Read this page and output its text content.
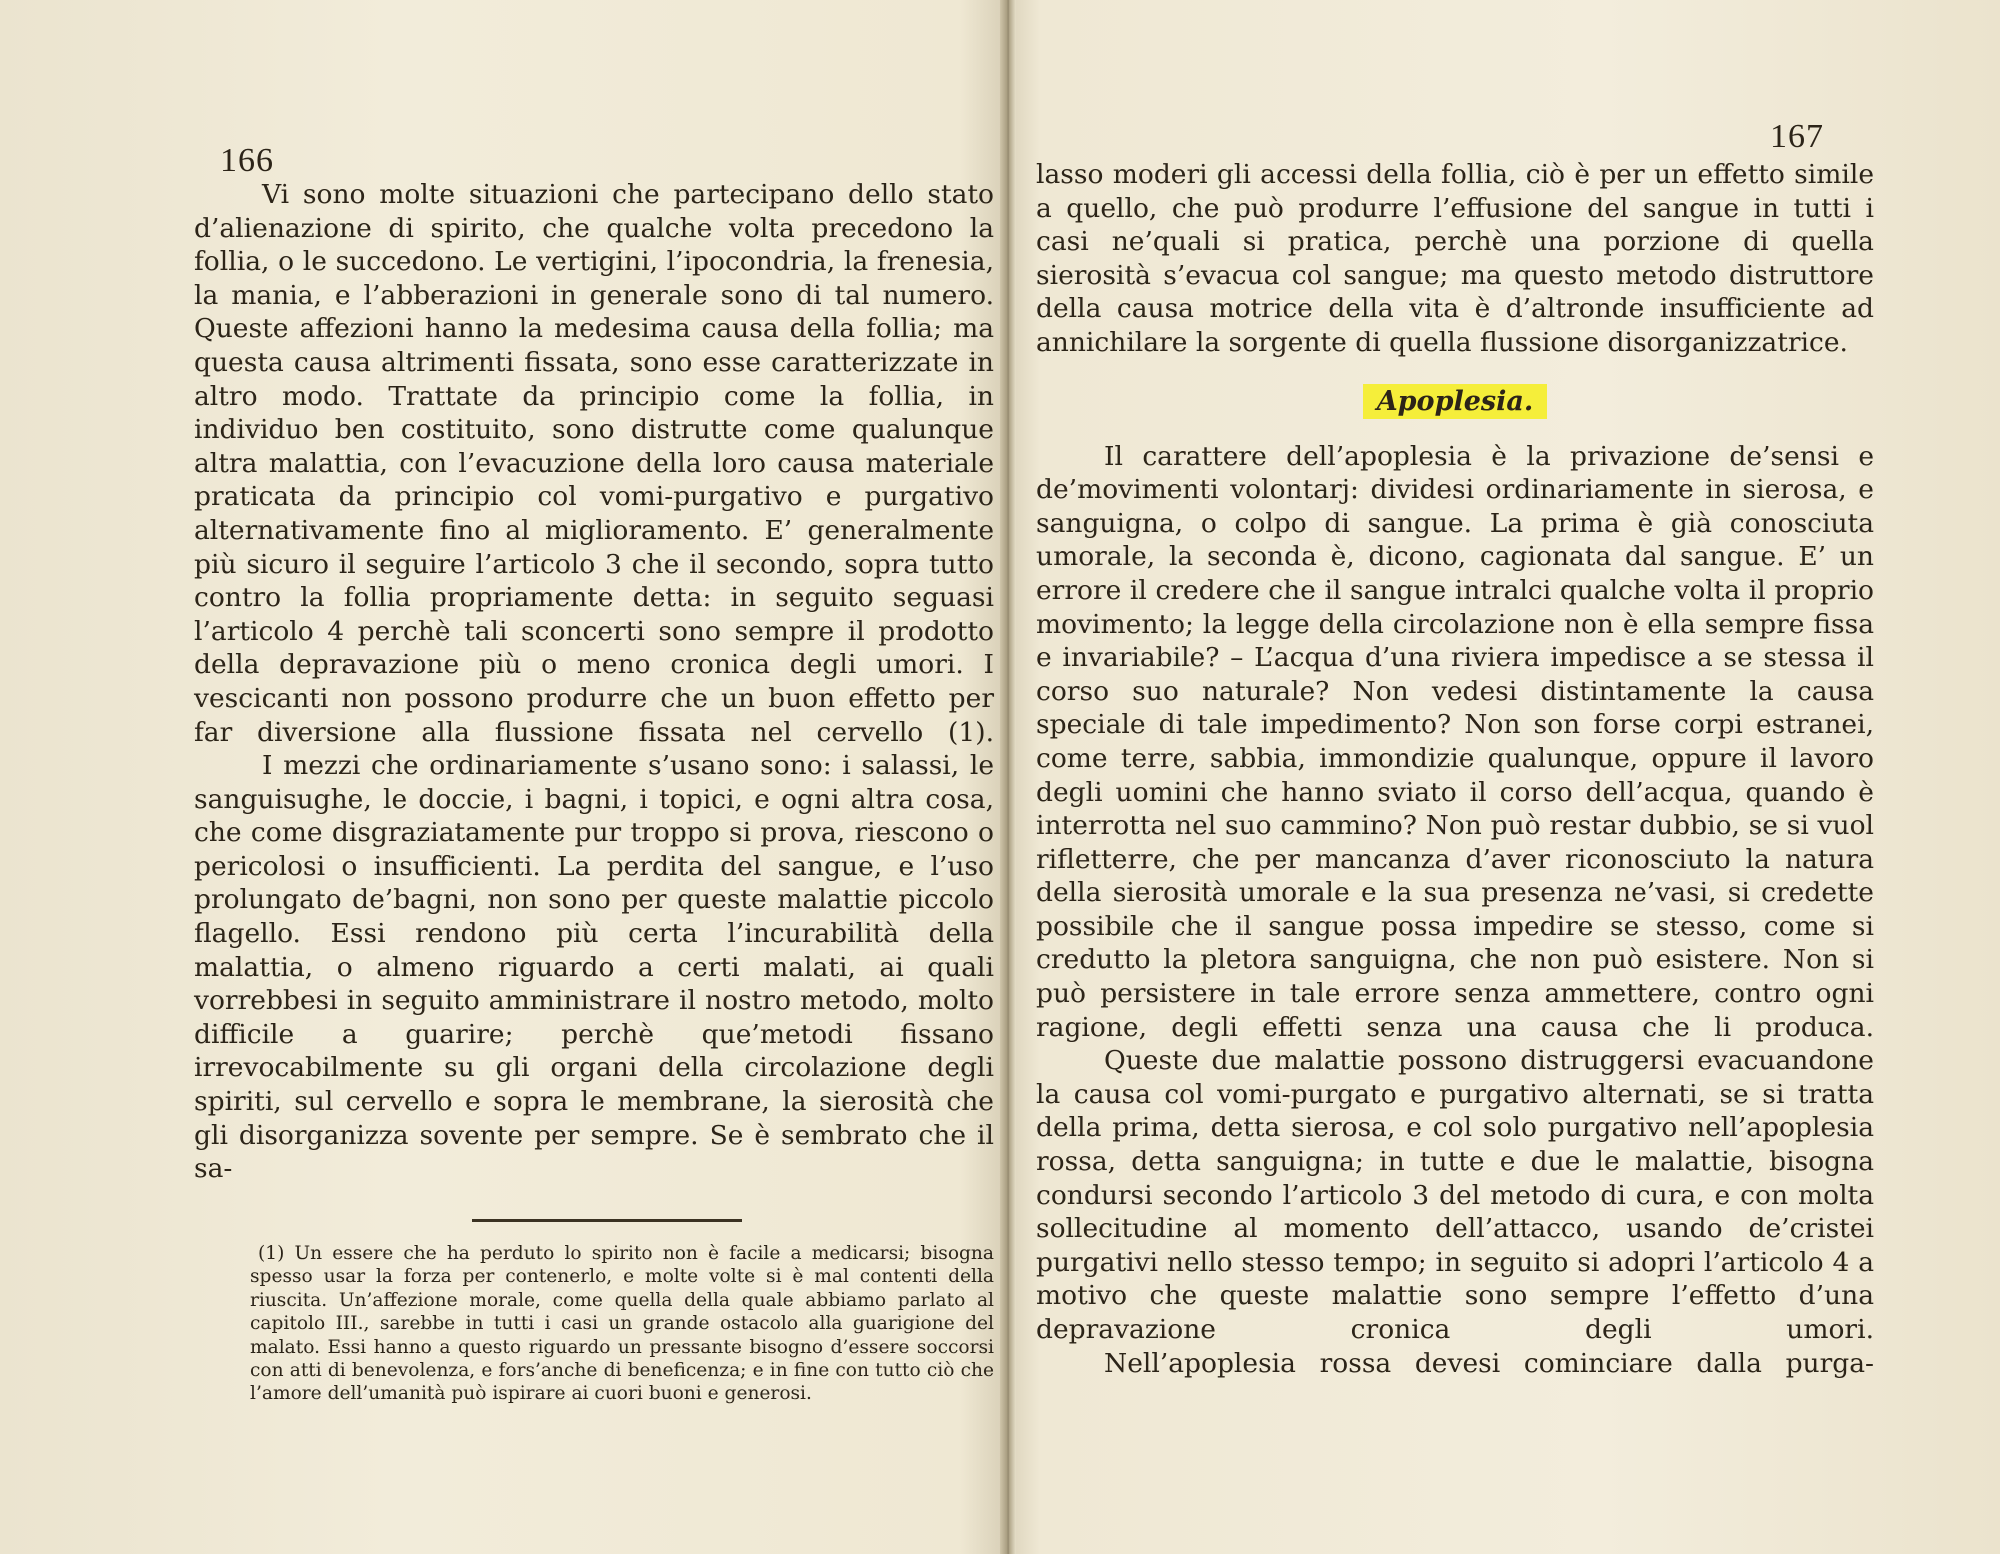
166

Vi sono molte situazioni che partecipano dello stato d’alienazione di spirito, che qualche volta precedono la follia, o le succedono. Le vertigini, l’ipocondria, la frenesia, la mania, e l’abberazioni in generale sono di tal numero. Queste affezioni hanno la medesima causa della follia; ma questa causa altrimenti fissata, sono esse caratterizzate in altro modo. Trattate da principio come la follia, in individuo ben costituito, sono distrutte come qualunque altra malattia, con l’evacuzione della loro causa materiale praticata da principio col vomi-purgativo e purgativo alternativamente fino al miglioramento. E’ generalmente più sicuro il seguire l’articolo 3 che il secondo, sopra tutto contro la follia propriamente detta: in seguito seguasi l’articolo 4 perchè tali sconcerti sono sempre il prodotto della depravazione più o meno cronica degli umori. I vescicanti non possono produrre che un buon effetto per far diversione alla flussione fissata nel cervello (1).

I mezzi che ordinariamente s’usano sono: i salassi, le sanguisughe, le doccie, i bagni, i topici, e ogni altra cosa, che come disgraziatamente pur troppo si prova, riescono o pericolosi o insufficienti. La perdita del sangue, e l’uso prolungato de’bagni, non sono per queste malattie piccolo flagello. Essi rendono più certa l’incurabilità della malattia, o almeno riguardo a certi malati, ai quali vorrebbesi in seguito amministrare il nostro metodo, molto difficile a guarire; perchè que’metodi fissano irrevocabilmente su gli organi della circolazione degli spiriti, sul cervello e sopra le membrane, la sierosità che gli disorganizza sovente per sempre. Se è sembrato che il sa-

(1) Un essere che ha perduto lo spirito non è facile a medicarsi; bisogna spesso usar la forza per contenerlo, e molte volte si è mal contenti della riuscita. Un’affezione morale, come quella della quale abbiamo parlato al capitolo III., sarebbe in tutti i casi un grande ostacolo alla guarigione del malato. Essi hanno a questo riguardo un pressante bisogno d’essere soccorsi con atti di benevolenza, e fors’anche di beneficenza; e in fine con tutto ciò che l’amore dell’umanità può ispirare ai cuori buoni e generosi.

167

lasso moderi gli accessi della follia, ciò è per un effetto simile a quello, che può produrre l’effusione del sangue in tutti i casi ne’quali si pratica, perchè una porzione di quella sierosità s’evacua col sangue; ma questo metodo distruttore della causa motrice della vita è d’altronde insufficiente ad annichilare la sorgente di quella flussione disorganizzatrice.

Apoplesia.

Il carattere dell’apoplesia è la privazione de’sensi e de’movimenti volontarj: dividesi ordinariamente in sierosa, e sanguigna, o colpo di sangue. La prima è già conosciuta umorale, la seconda è, dicono, cagionata dal sangue. E’ un errore il credere che il sangue intralci qualche volta il proprio movimento; la legge della circolazione non è ella sempre fissa e invariabile? – L’acqua d’una riviera impedisce a se stessa il corso suo naturale? Non vedesi distintamente la causa speciale di tale impedimento? Non son forse corpi estranei, come terre, sabbia, immondizie qualunque, oppure il lavoro degli uomini che hanno sviato il corso dell’acqua, quando è interrotta nel suo cammino? Non può restar dubbio, se si vuol rifletterre, che per mancanza d’aver riconosciuto la natura della sierosità umorale e la sua presenza ne’vasi, si credette possibile che il sangue possa impedire se stesso, come si credutto la pletora sanguigna, che non può esistere. Non si può persistere in tale errore senza ammettere, contro ogni ragione, degli effetti senza una causa che li produca.

Queste due malattie possono distruggersi evacuandone la causa col vomi-purgato e purgativo alternati, se si tratta della prima, detta sierosa, e col solo purgativo nell’apoplesia rossa, detta sanguigna; in tutte e due le malattie, bisogna condursi secondo l’articolo 3 del metodo di cura, e con molta sollecitudine al momento dell’attacco, usando de’cristei purgativi nello stesso tempo; in seguito si adopri l’articolo 4 a motivo che queste malattie sono sempre l’effetto d’una depravazione cronica degli umori.

Nell’apoplesia rossa devesi cominciare dalla purga-
